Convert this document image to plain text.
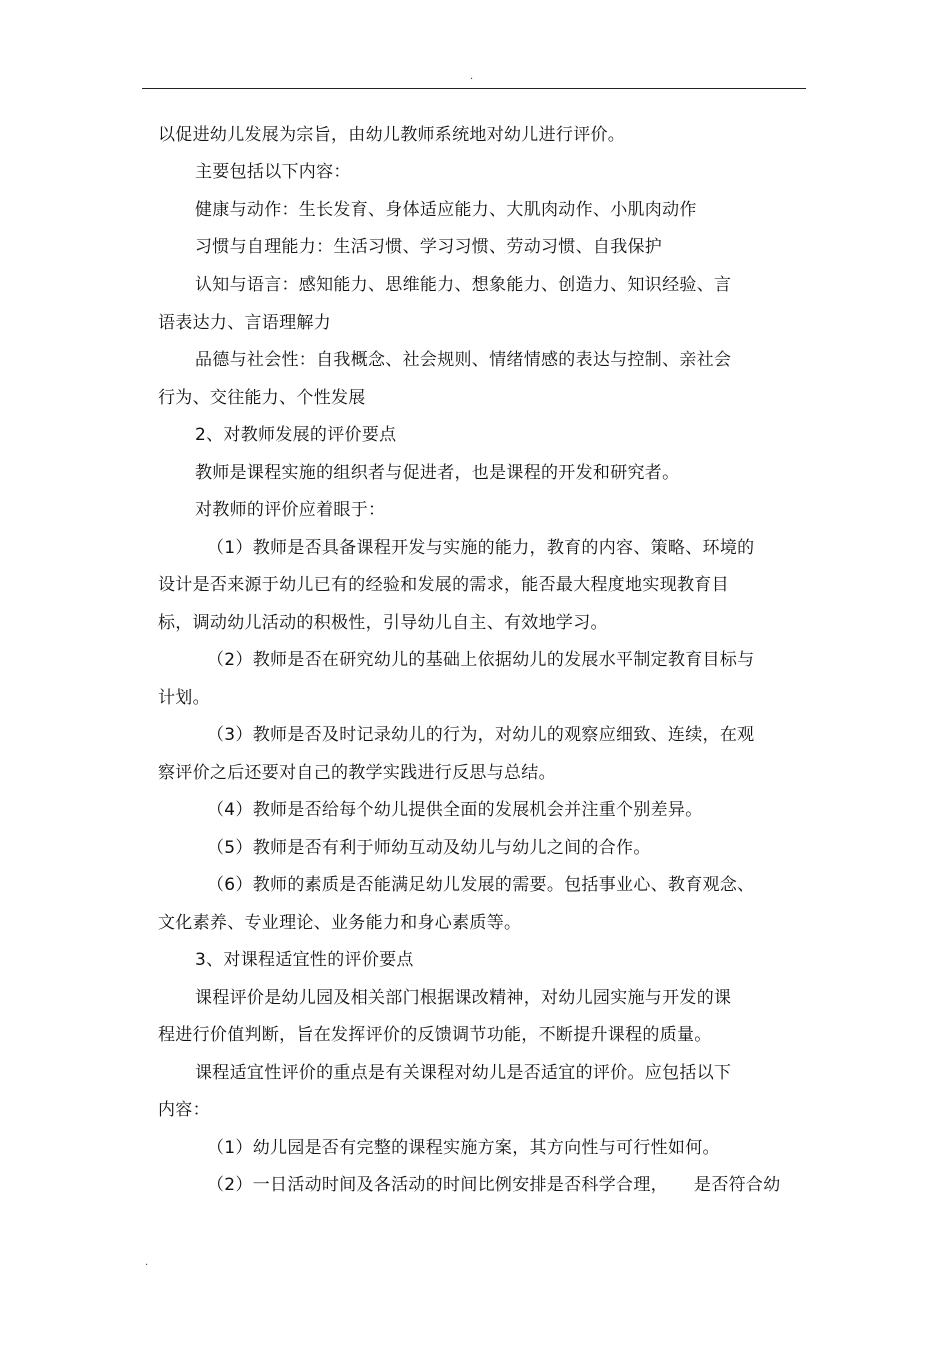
.
以促进幼儿发展为宗旨，由幼儿教师系统地对幼儿进行评价。
主要包括以下内容：
健康与动作：生长发育、身体适应能力、大肌肉动作、小肌肉动作
习惯与自理能力：生活习惯、学习习惯、劳动习惯、自我保护
认知与语言：感知能力、思维能力、想象能力、创造力、知识经验、言
语表达力、言语理解力
品德与社会性：自我概念、社会规则、情绪情感的表达与控制、亲社会
行为、交往能力、个性发展
2、对教师发展的评价要点
教师是课程实施的组织者与促进者，也是课程的开发和研究者。
对教师的评价应着眼于：
（1）教师是否具备课程开发与实施的能力，教育的内容、策略、环境的
设计是否来源于幼儿已有的经验和发展的需求，能否最大程度地实现教育目
标，调动幼儿活动的积极性，引导幼儿自主、有效地学习。
（2）教师是否在研究幼儿的基础上依据幼儿的发展水平制定教育目标与
计划。
（3）教师是否及时记录幼儿的行为，对幼儿的观察应细致、连续，在观
察评价之后还要对自己的教学实践进行反思与总结。
（4）教师是否给每个幼儿提供全面的发展机会并注重个别差异。
（5）教师是否有利于师幼互动及幼儿与幼儿之间的合作。
（6）教师的素质是否能满足幼儿发展的需要。包括事业心、教育观念、
文化素养、专业理论、业务能力和身心素质等。
3、对课程适宜性的评价要点
课程评价是幼儿园及相关部门根据课改精神，对幼儿园实施与开发的课
程进行价值判断，旨在发挥评价的反馈调节功能，不断提升课程的质量。
课程适宜性评价的重点是有关课程对幼儿是否适宜的评价。应包括以下
内容：
（1）幼儿园是否有完整的课程实施方案，其方向性与可行性如何。
（2）一日活动时间及各活动的时间比例安排是否科学合理，　　是否符合幼
.
